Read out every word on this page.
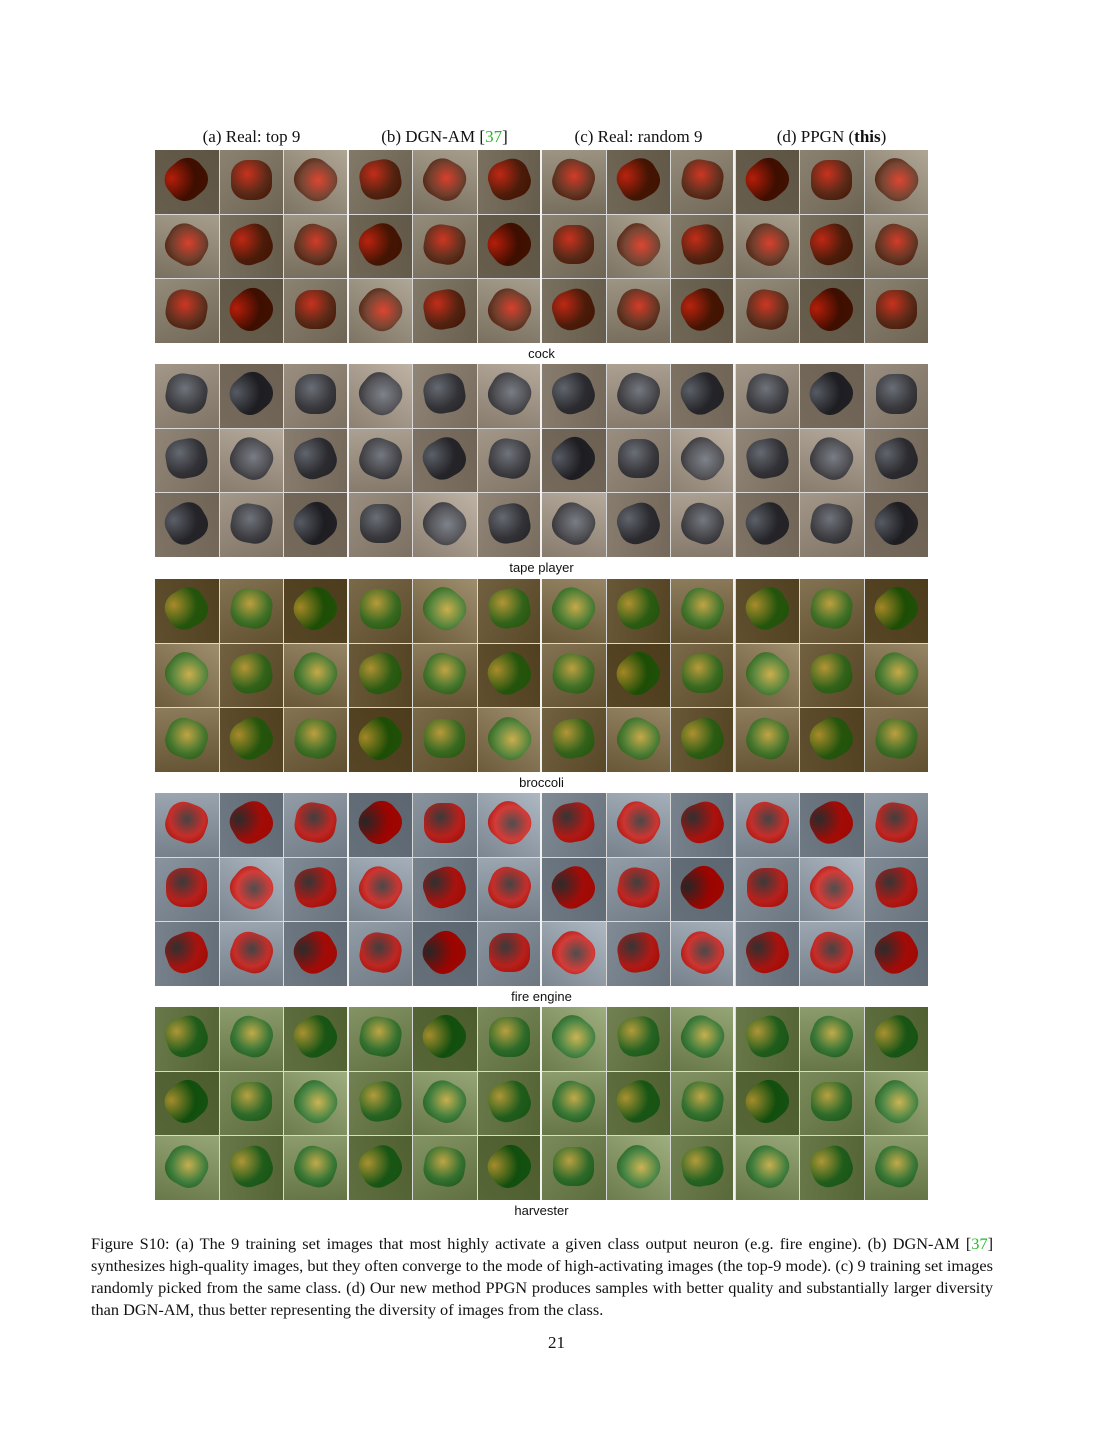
(a) Real: top 9	(b) DGN-AM [37]	(c) Real: random 9	(d) PPGN (this)
cock
tape player
broccoli
fire engine
harvester
Figure S10: (a) The 9 training set images that most highly activate a given class output neuron (e.g. fire engine). (b) DGN-AM [37] synthesizes high-quality images, but they often converge to the mode of high-activating images (the top-9 mode). (c) 9 training set images randomly picked from the same class. (d) Our new method PPGN produces samples with better quality and substantially larger diversity than DGN-AM, thus better representing the diversity of images from the class.
21
